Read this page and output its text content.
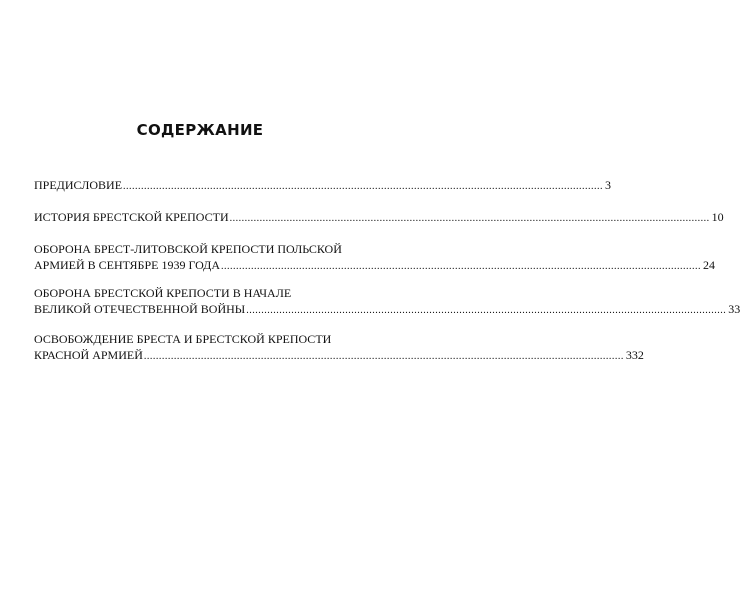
СОДЕРЖАНИЕ
ПРЕДИСЛОВИЕ ................................................................................................................................................................ 3
ИСТОРИЯ БРЕСТСКОЙ КРЕПОСТИ ................................................................................................................................................................ 10
ОБОРОНА БРЕСТ-ЛИТОВСКОЙ КРЕПОСТИ ПОЛЬСКОЙ
АРМИЕЙ В СЕНТЯБРЕ 1939 ГОДА ................................................................................................................................................................ 24
ОБОРОНА БРЕСТСКОЙ КРЕПОСТИ В НАЧАЛЕ
ВЕЛИКОЙ ОТЕЧЕСТВЕННОЙ ВОЙНЫ ................................................................................................................................................................ 33
ОСВОБОЖДЕНИЕ БРЕСТА И БРЕСТСКОЙ КРЕПОСТИ
КРАСНОЙ АРМИЕЙ ................................................................................................................................................................ 332
